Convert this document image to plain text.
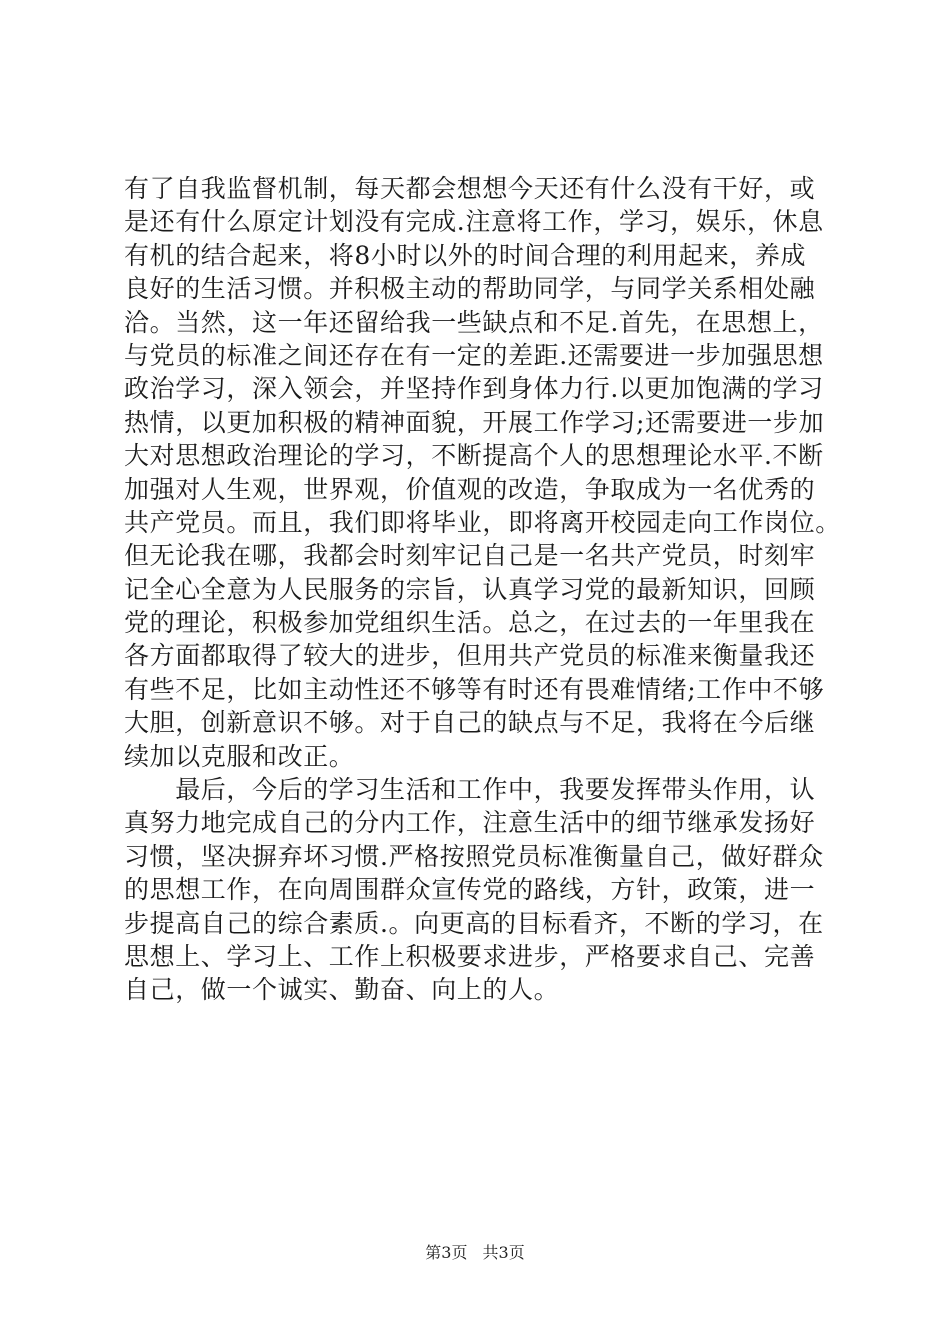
有了自我监督机制，每天都会想想今天还有什么没有干好，或
是还有什么原定计划没有完成.注意将工作，学习，娱乐，休息
有机的结合起来，将8小时以外的时间合理的利用起来，养成
良好的生活习惯。并积极主动的帮助同学，与同学关系相处融
洽。当然，这一年还留给我一些缺点和不足.首先，在思想上，
与党员的标准之间还存在有一定的差距.还需要进一步加强思想
政治学习，深入领会，并坚持作到身体力行.以更加饱满的学习
热情，以更加积极的精神面貌，开展工作学习;还需要进一步加
大对思想政治理论的学习，不断提高个人的思想理论水平.不断
加强对人生观，世界观，价值观的改造，争取成为一名优秀的
共产党员。而且，我们即将毕业，即将离开校园走向工作岗位。
但无论我在哪，我都会时刻牢记自己是一名共产党员，时刻牢
记全心全意为人民服务的宗旨，认真学习党的最新知识，回顾
党的理论，积极参加党组织生活。总之，在过去的一年里我在
各方面都取得了较大的进步，但用共产党员的标准来衡量我还
有些不足，比如主动性还不够等有时还有畏难情绪;工作中不够
大胆，创新意识不够。对于自己的缺点与不足，我将在今后继
续加以克服和改正。
　　最后，今后的学习生活和工作中，我要发挥带头作用，认
真努力地完成自己的分内工作，注意生活中的细节继承发扬好
习惯，坚决摒弃坏习惯.严格按照党员标准衡量自己，做好群众
的思想工作，在向周围群众宣传党的路线，方针，政策，进一
步提高自己的综合素质.。向更高的目标看齐，不断的学习，在
思想上、学习上、工作上积极要求进步，严格要求自己、完善
自己，做一个诚实、勤奋、向上的人。
第3页 共3页
